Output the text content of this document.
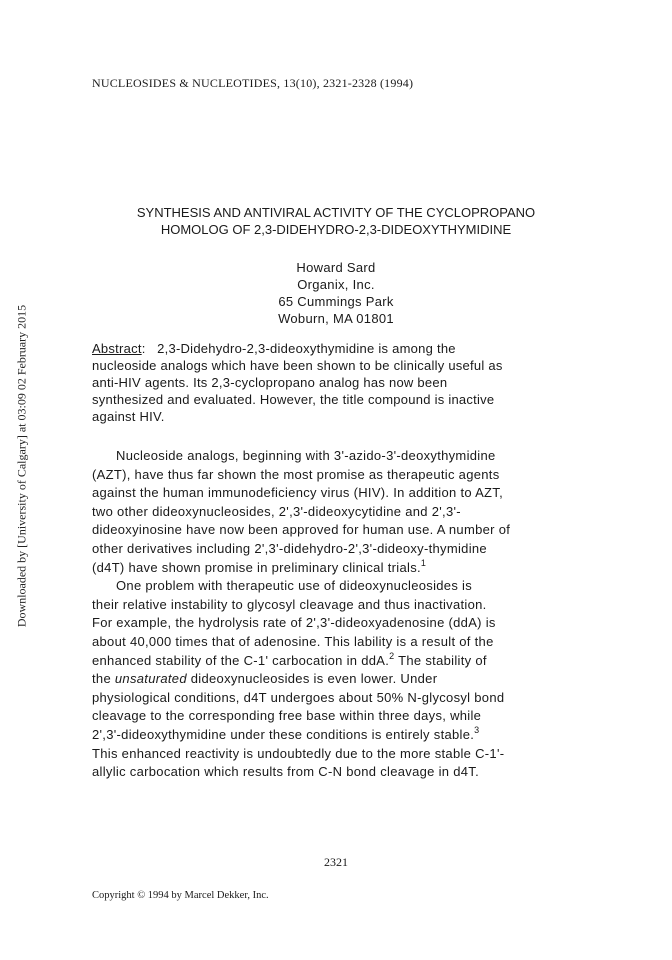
NUCLEOSIDES & NUCLEOTIDES, 13(10), 2321-2328 (1994)
SYNTHESIS AND ANTIVIRAL ACTIVITY OF THE CYCLOPROPANO
HOMOLOG OF 2,3-DIDEHYDRO-2,3-DIDEOXYTHYMIDINE
Howard Sard
Organix, Inc.
65 Cummings Park
Woburn, MA 01801
Abstract:   2,3-Didehydro-2,3-dideoxythymidine is among the
nucleoside analogs which have been shown to be clinically useful as
anti-HIV agents. Its 2,3-cyclopropano analog has now been
synthesized and evaluated. However, the title compound is inactive
against HIV.
Nucleoside analogs, beginning with 3'-azido-3'-deoxythymidine
(AZT), have thus far shown the most promise as therapeutic agents
against the human immunodeficiency virus (HIV). In addition to AZT,
two other dideoxynucleosides, 2',3'-dideoxycytidine and 2',3'-
dideoxyinosine have now been approved for human use. A number of
other derivatives including 2',3'-didehydro-2',3'-dideoxy-thymidine
(d4T) have shown promise in preliminary clinical trials.$^1$
One problem with therapeutic use of dideoxynucleosides is
their relative instability to glycosyl cleavage and thus inactivation.
For example, the hydrolysis rate of 2',3'-dideoxyadenosine (ddA) is
about 40,000 times that of adenosine. This lability is a result of the
enhanced stability of the C-1' carbocation in ddA.$^2$ The stability of
the unsaturated dideoxynucleosides is even lower. Under
physiological conditions, d4T undergoes about 50% N-glycosyl bond
cleavage to the corresponding free base within three days, while
2',3'-dideoxythymidine under these conditions is entirely stable.$^3$
This enhanced reactivity is undoubtedly due to the more stable C-1'-
allylic carbocation which results from C-N bond cleavage in d4T.
2321
Copyright © 1994 by Marcel Dekker, Inc.
Downloaded by [University of Calgary] at 03:09 02 February 2015
